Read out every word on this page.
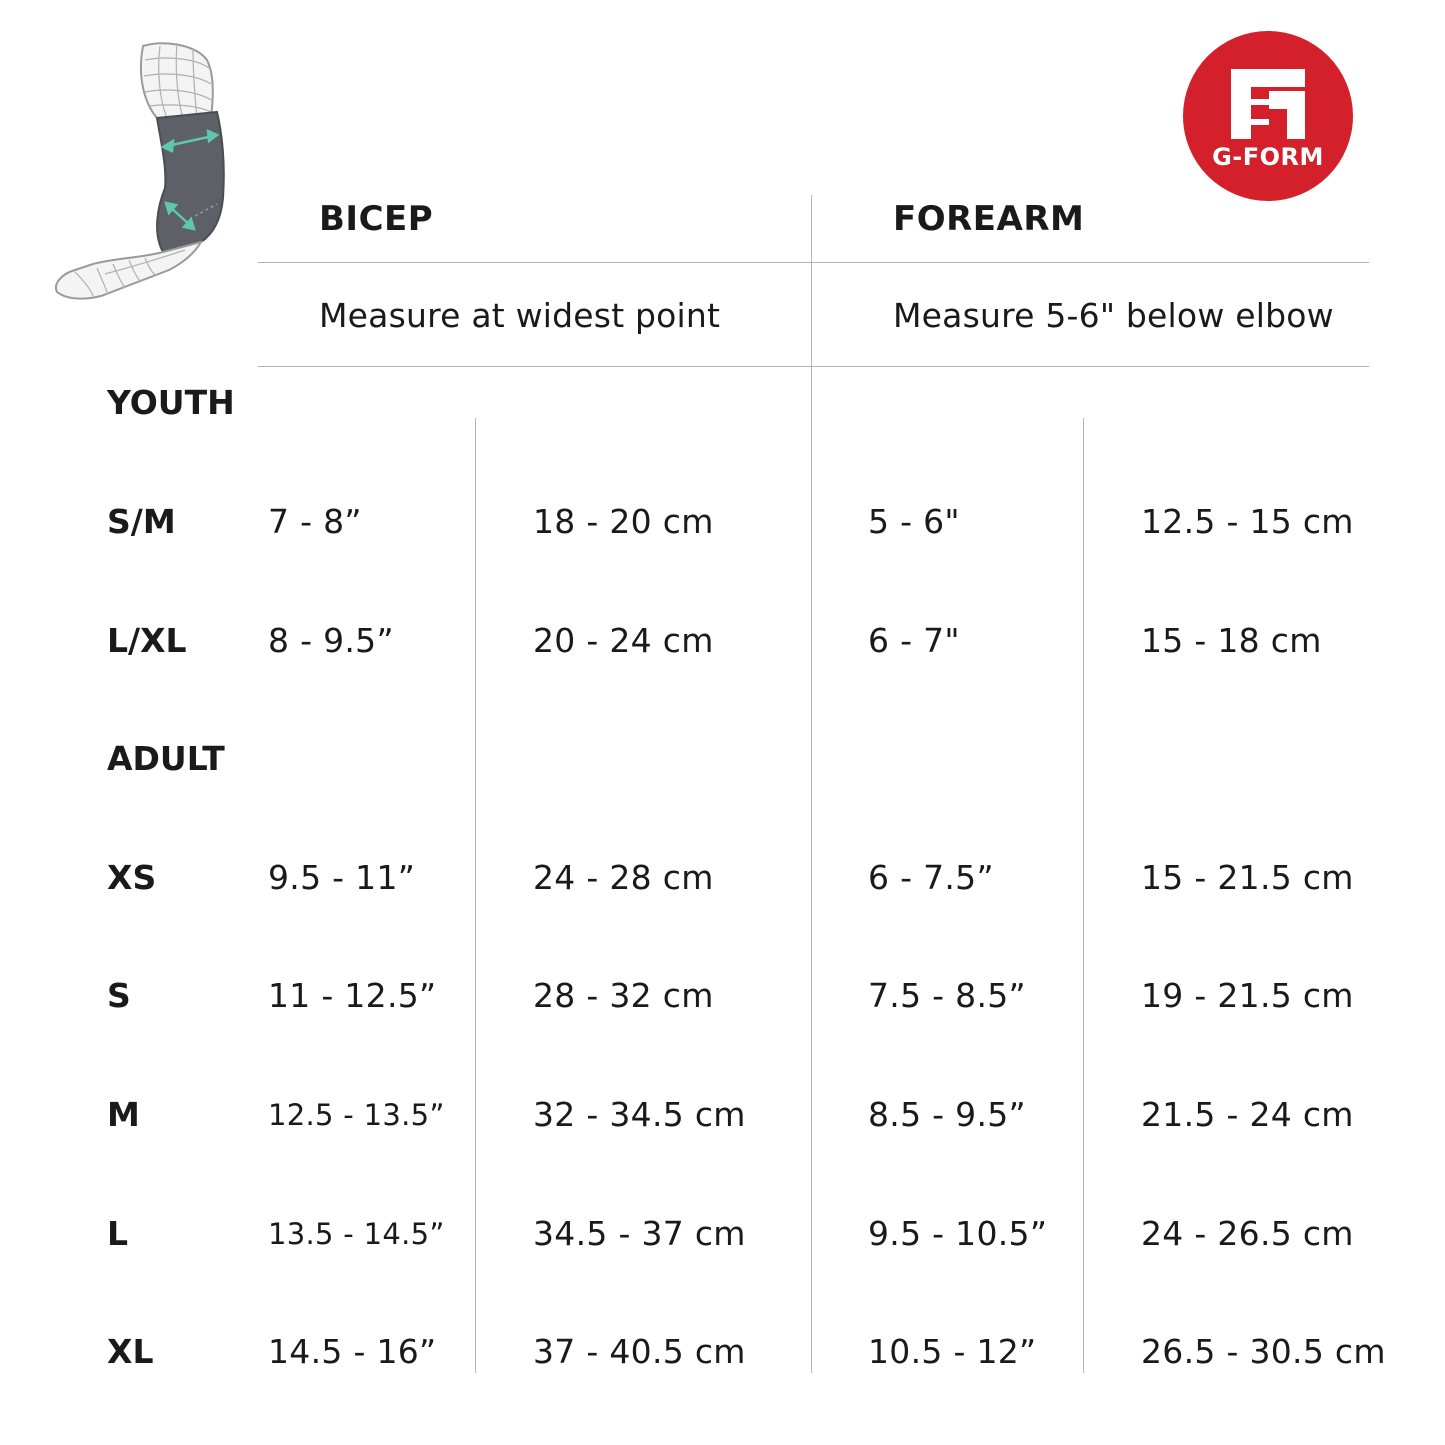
G-FORM
BICEP	FOREARM
Measure at widest point	Measure 5-6" below elbow
YOUTH
S/M	7 - 8”	18 - 20 cm	5 - 6"	12.5 - 15 cm
L/XL 8 - 9.5”	20 - 24 cm	6 - 7"	15 - 18 cm
ADULT
XS	9.5 - 11”	24 - 28 cm	6 - 7.5”	15 - 21.5 cm
S	11 - 12.5”	28 - 32 cm	7.5 - 8.5”	19 - 21.5 cm
M	12.5 - 13.5”	32 - 34.5 cm	8.5 - 9.5”	21.5 - 24 cm
L	13.5 - 14.5”	34.5 - 37 cm	9.5 - 10.5”	24 - 26.5 cm
XL	14.5 - 16”	37 - 40.5 cm	10.5 - 12”	26.5 - 30.5 cm
